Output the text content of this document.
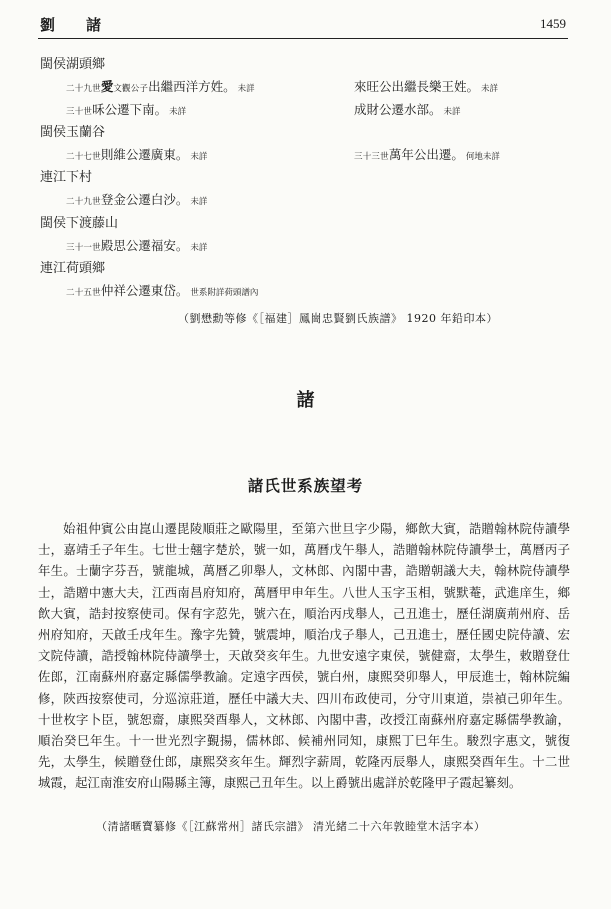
劉　諸	1459
閩侯湖頭鄉
二十九世愛文觀公子出繼西洋方姓。 未詳
三十世咊公遷下南。 未詳
閩侯玉蘭谷
二十七世則維公遷廣東。 未詳
連江下村
二十九世登金公遷白沙。 未詳
閩侯下渡藤山
三十一世殿思公遷福安。 未詳
連江荷頭鄉
二十五世仲祥公遷東岱。 世系附詳荷頭譜內
來旺公出繼長樂王姓。 未詳
成財公遷水部。 未詳
三十三世萬年公出遷。 何地未詳
（劉懋勳等修《［福建］鳳崗忠賢劉氏族譜》 1920 年鉛印本）
諸
諸氏世系族望考

始祖仲賓公由崑山遷毘陵順莊之歐陽里，至第六世旦字少陽，鄉飲大賓，誥贈翰林院侍讀學士，嘉靖壬子年生。七世士翹字楚於，號一如，萬曆戊午舉人，誥贈翰林院侍讀學士，萬曆丙子年生。士蘭字芬吾，號龍城，萬曆乙卯舉人，文林郎、內閣中書，誥贈朝議大夫，翰林院侍讀學士，誥贈中憲大夫，江西南昌府知府，萬曆甲申年生。八世人玉字玉相，號默菴，武進庠生，鄉飲大賓，誥封按察使司。保有字荵先，號六在，順治丙戌舉人，己丑進士，歷任湖廣荊州府、岳州府知府，天啟壬戌年生。豫字先贊，號震坤，順治戊子舉人，己丑進士，歷任國史院侍讀、宏文院侍讀，誥授翰林院侍讀學士，天啟癸亥年生。九世安遠字東侯，號健齋，太學生，敕贈登仕佐郎，江南蘇州府嘉定縣儒學教諭。定遠字西侯，號白州，康熙癸卯舉人，甲辰進士，翰林院編修，陝西按察使司，分巡涼莊道，歷任中議大夫、四川布政使司，分守川東道，崇禎己卯年生。十世枚字卜臣，號恕齋，康熙癸酉舉人，文林郎、內閣中書，改授江南蘇州府嘉定縣儒學教諭，順治癸巳年生。十一世光烈字覲揚，儒林郎、候補州同知，康熙丁巳年生。駿烈字惠文，號復先，太學生，候贈登仕郎，康熙癸亥年生。輝烈字薪周，乾隆丙辰舉人，康熙癸酉年生。十二世城霞，起江南淮安府山陽縣主簿，康熙己丑年生。以上爵號出處詳於乾隆甲子霞起纂刻。

（清諸暱寶纂修《［江蘇常州］諸氏宗譜》 清光緒二十六年敦睦堂木活字本）
